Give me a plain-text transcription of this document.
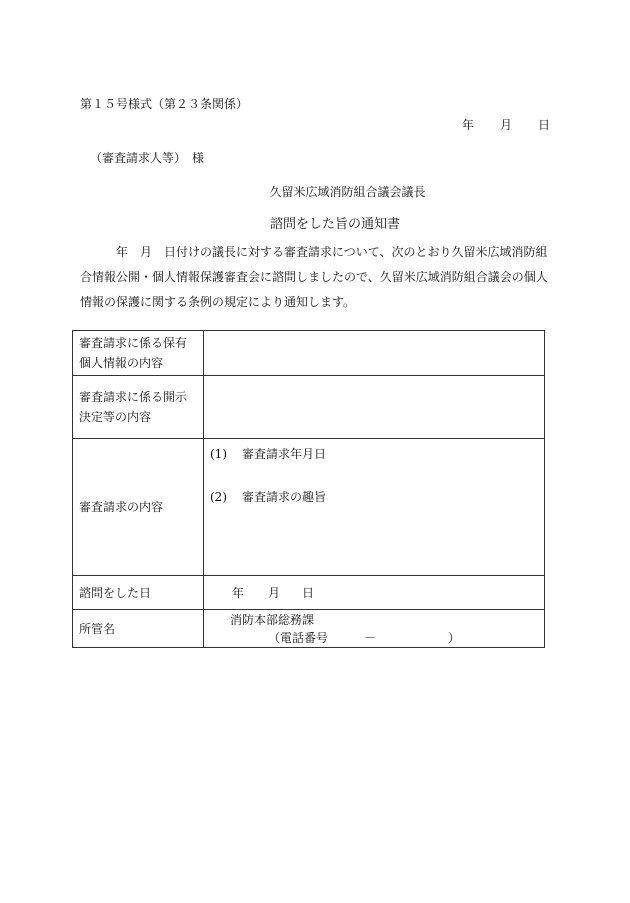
第１５号様式（第２３条関係）
年 月 日
（審査請求人等）　様
久留米広域消防組合議会議長
諮問をした旨の通知書
　　　年　月　日付けの議長に対する審査請求について、次のとおり久留米広域消防組
合情報公開・個人情報保護審査会に諮問しましたので、久留米広域消防組合議会の個人
情報の保護に関する条例の規定により通知します。
審査請求に係る保有個人情報の内容	
審査請求に係る開示決定等の内容	
審査請求の内容	(1) 審査請求年月日
(2) 審査請求の趣旨

諮問をした日	年 月 日
所管名	消防本部総務課
（電話番号　　　－　　　　　　）
